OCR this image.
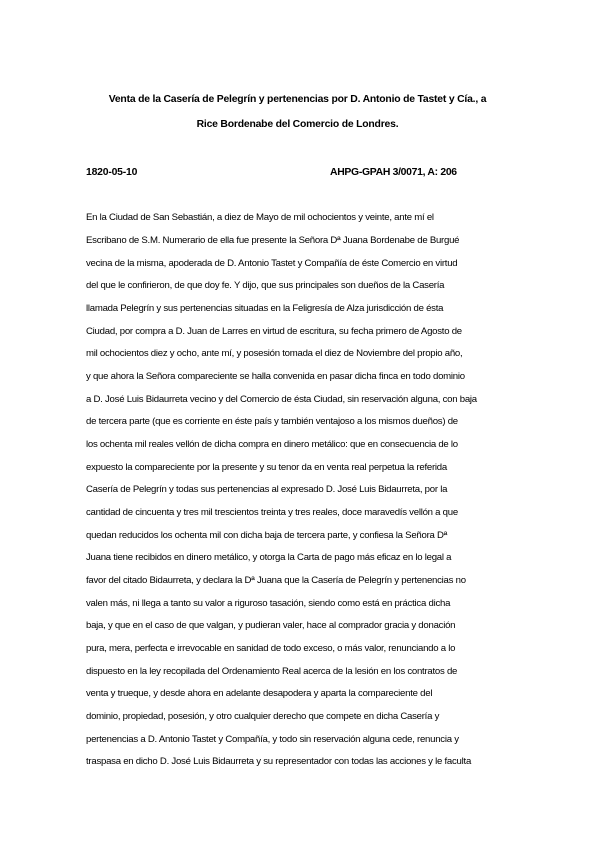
Venta de la Casería de Pelegrín y pertenencias por D. Antonio de Tastet y Cía., a
Rice Bordenabe del Comercio de Londres.
1820-05-10	AHPG-GPAH 3/0071, A: 206
En la Ciudad de San Sebastián, a diez de Mayo de mil ochocientos y veinte, ante mí el
Escribano de S.M. Numerario de ella fue presente la Señora Dª Juana Bordenabe de Burgué
vecina de la misma, apoderada de D. Antonio Tastet y Compañía de éste Comercio en virtud
del que le confirieron, de que doy fe. Y dijo, que sus principales son dueños de la Casería
llamada Pelegrín y sus pertenencias situadas en la Feligresía de Alza jurisdicción de ésta
Ciudad, por compra a D. Juan de Larres en virtud de escritura, su fecha primero de Agosto de
mil ochocientos diez y ocho, ante mí, y posesión tomada el diez de Noviembre del propio año,
y que ahora la Señora compareciente se halla convenida en pasar dicha finca en todo dominio
a D. José Luis Bidaurreta vecino y del Comercio de ésta Ciudad, sin reservación alguna, con baja
de tercera parte (que es corriente en éste país y también ventajoso a los mismos dueños) de
los ochenta mil reales vellón de dicha compra en dinero metálico: que en consecuencia de lo
expuesto la compareciente por la presente y su tenor da en venta real perpetua la referida
Casería de Pelegrín y todas sus pertenencias al expresado D. José Luis Bidaurreta, por la
cantidad de cincuenta y tres mil trescientos treinta y tres reales, doce maravedís vellón a que
quedan reducidos los ochenta mil con dicha baja de tercera parte, y confiesa la Señora Dª
Juana tiene recibidos en dinero metálico, y otorga la Carta de pago más eficaz en lo legal a
favor del citado Bidaurreta, y declara la Dª Juana que la Casería de Pelegrín y pertenencias no
valen más, ni llega a tanto su valor a riguroso tasación, siendo como está en práctica dicha
baja, y que en el caso de que valgan, y pudieran valer, hace al comprador gracia y donación
pura, mera, perfecta e irrevocable en sanidad de todo exceso, o más valor, renunciando a lo
dispuesto en la ley recopilada del Ordenamiento Real acerca de la lesión en los contratos de
venta y trueque, y desde ahora en adelante desapodera y aparta la compareciente del
dominio, propiedad, posesión, y otro cualquier derecho que compete en dicha Casería y
pertenencias a D. Antonio Tastet y Compañía, y todo sin reservación alguna cede, renuncia y
traspasa en dicho D. José Luis Bidaurreta y su representador con todas las acciones y le faculta
